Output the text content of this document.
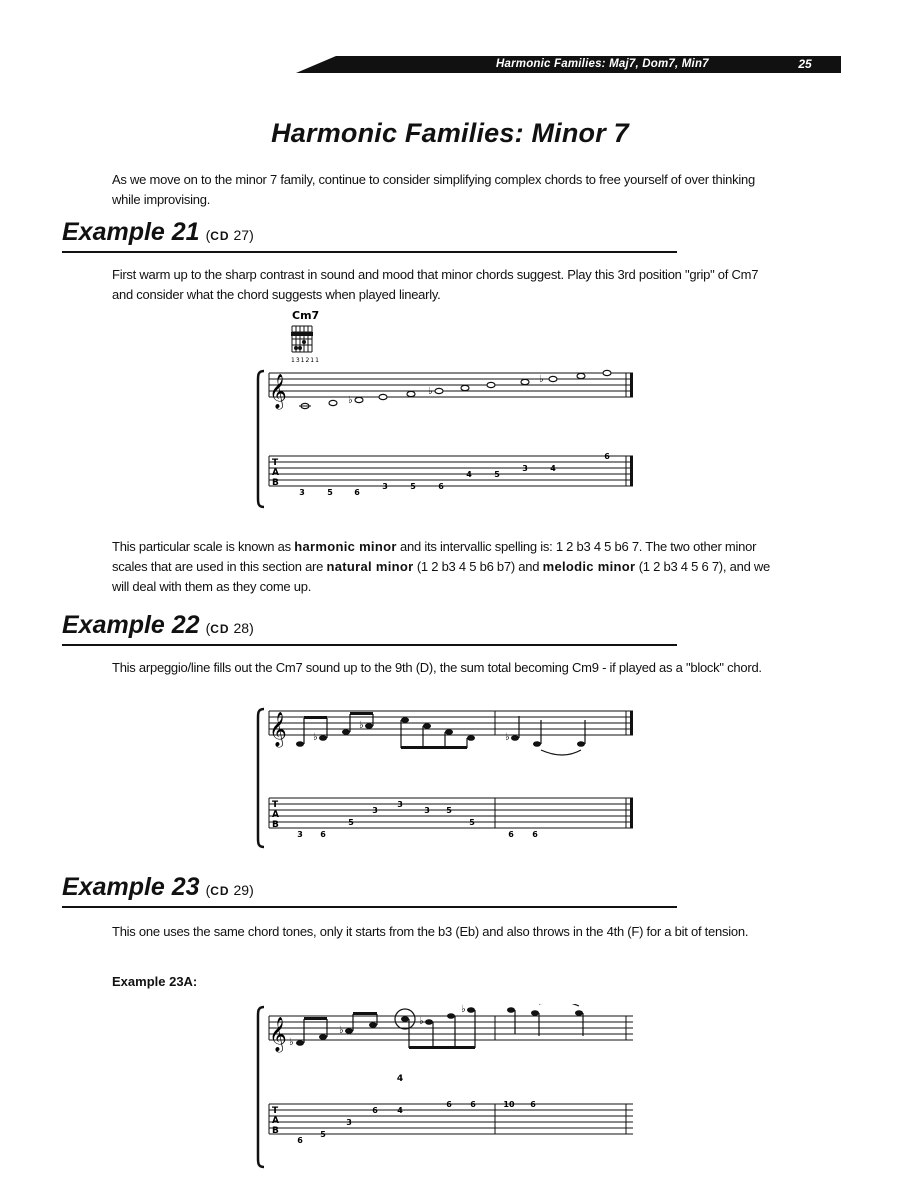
Harmonic Families: Maj7, Dom7, Min7	25
Harmonic Families: Minor 7
As we move on to the minor 7 family, continue to consider simplifying complex chords to free yourself of over thinking while improvising.
Example 21 (CD 27)
First warm up to the sharp contrast in sound and mood that minor chords suggest. Play this 3rd position "grip" of Cm7 and consider what the chord suggests when played linearly.
Cm7
131211
𝄞
T
A
B
♭
♭
♭
3	5	6
3	5	6
4	5
3	4
6
This particular scale is known as harmonic minor and its intervallic spelling is: 1 2 b3 4 5 b6 7. The two other minor scales that are used in this section are natural minor (1 2 b3 4 5 b6 b7) and melodic minor (1 2 b3 4 5 6 7), and we will deal with them as they come up.
Example 22 (CD 28)
This arpeggio/line fills out the Cm7 sound up to the 9th (D), the sum total becoming Cm9 - if played as a "block" chord.
𝄞
T
A
B
♭
♭
♭
3 6
5
3
3
3 5
5
6 6
Example 23 (CD 29)
This one uses the same chord tones, only it starts from the b3 (Eb) and also throws in the 4th (F) for a bit of tension.
Example 23A:
𝄞
T
A
B
♭
♭
♭
♭
4
6
5
3
6 4
6 6	10 6
